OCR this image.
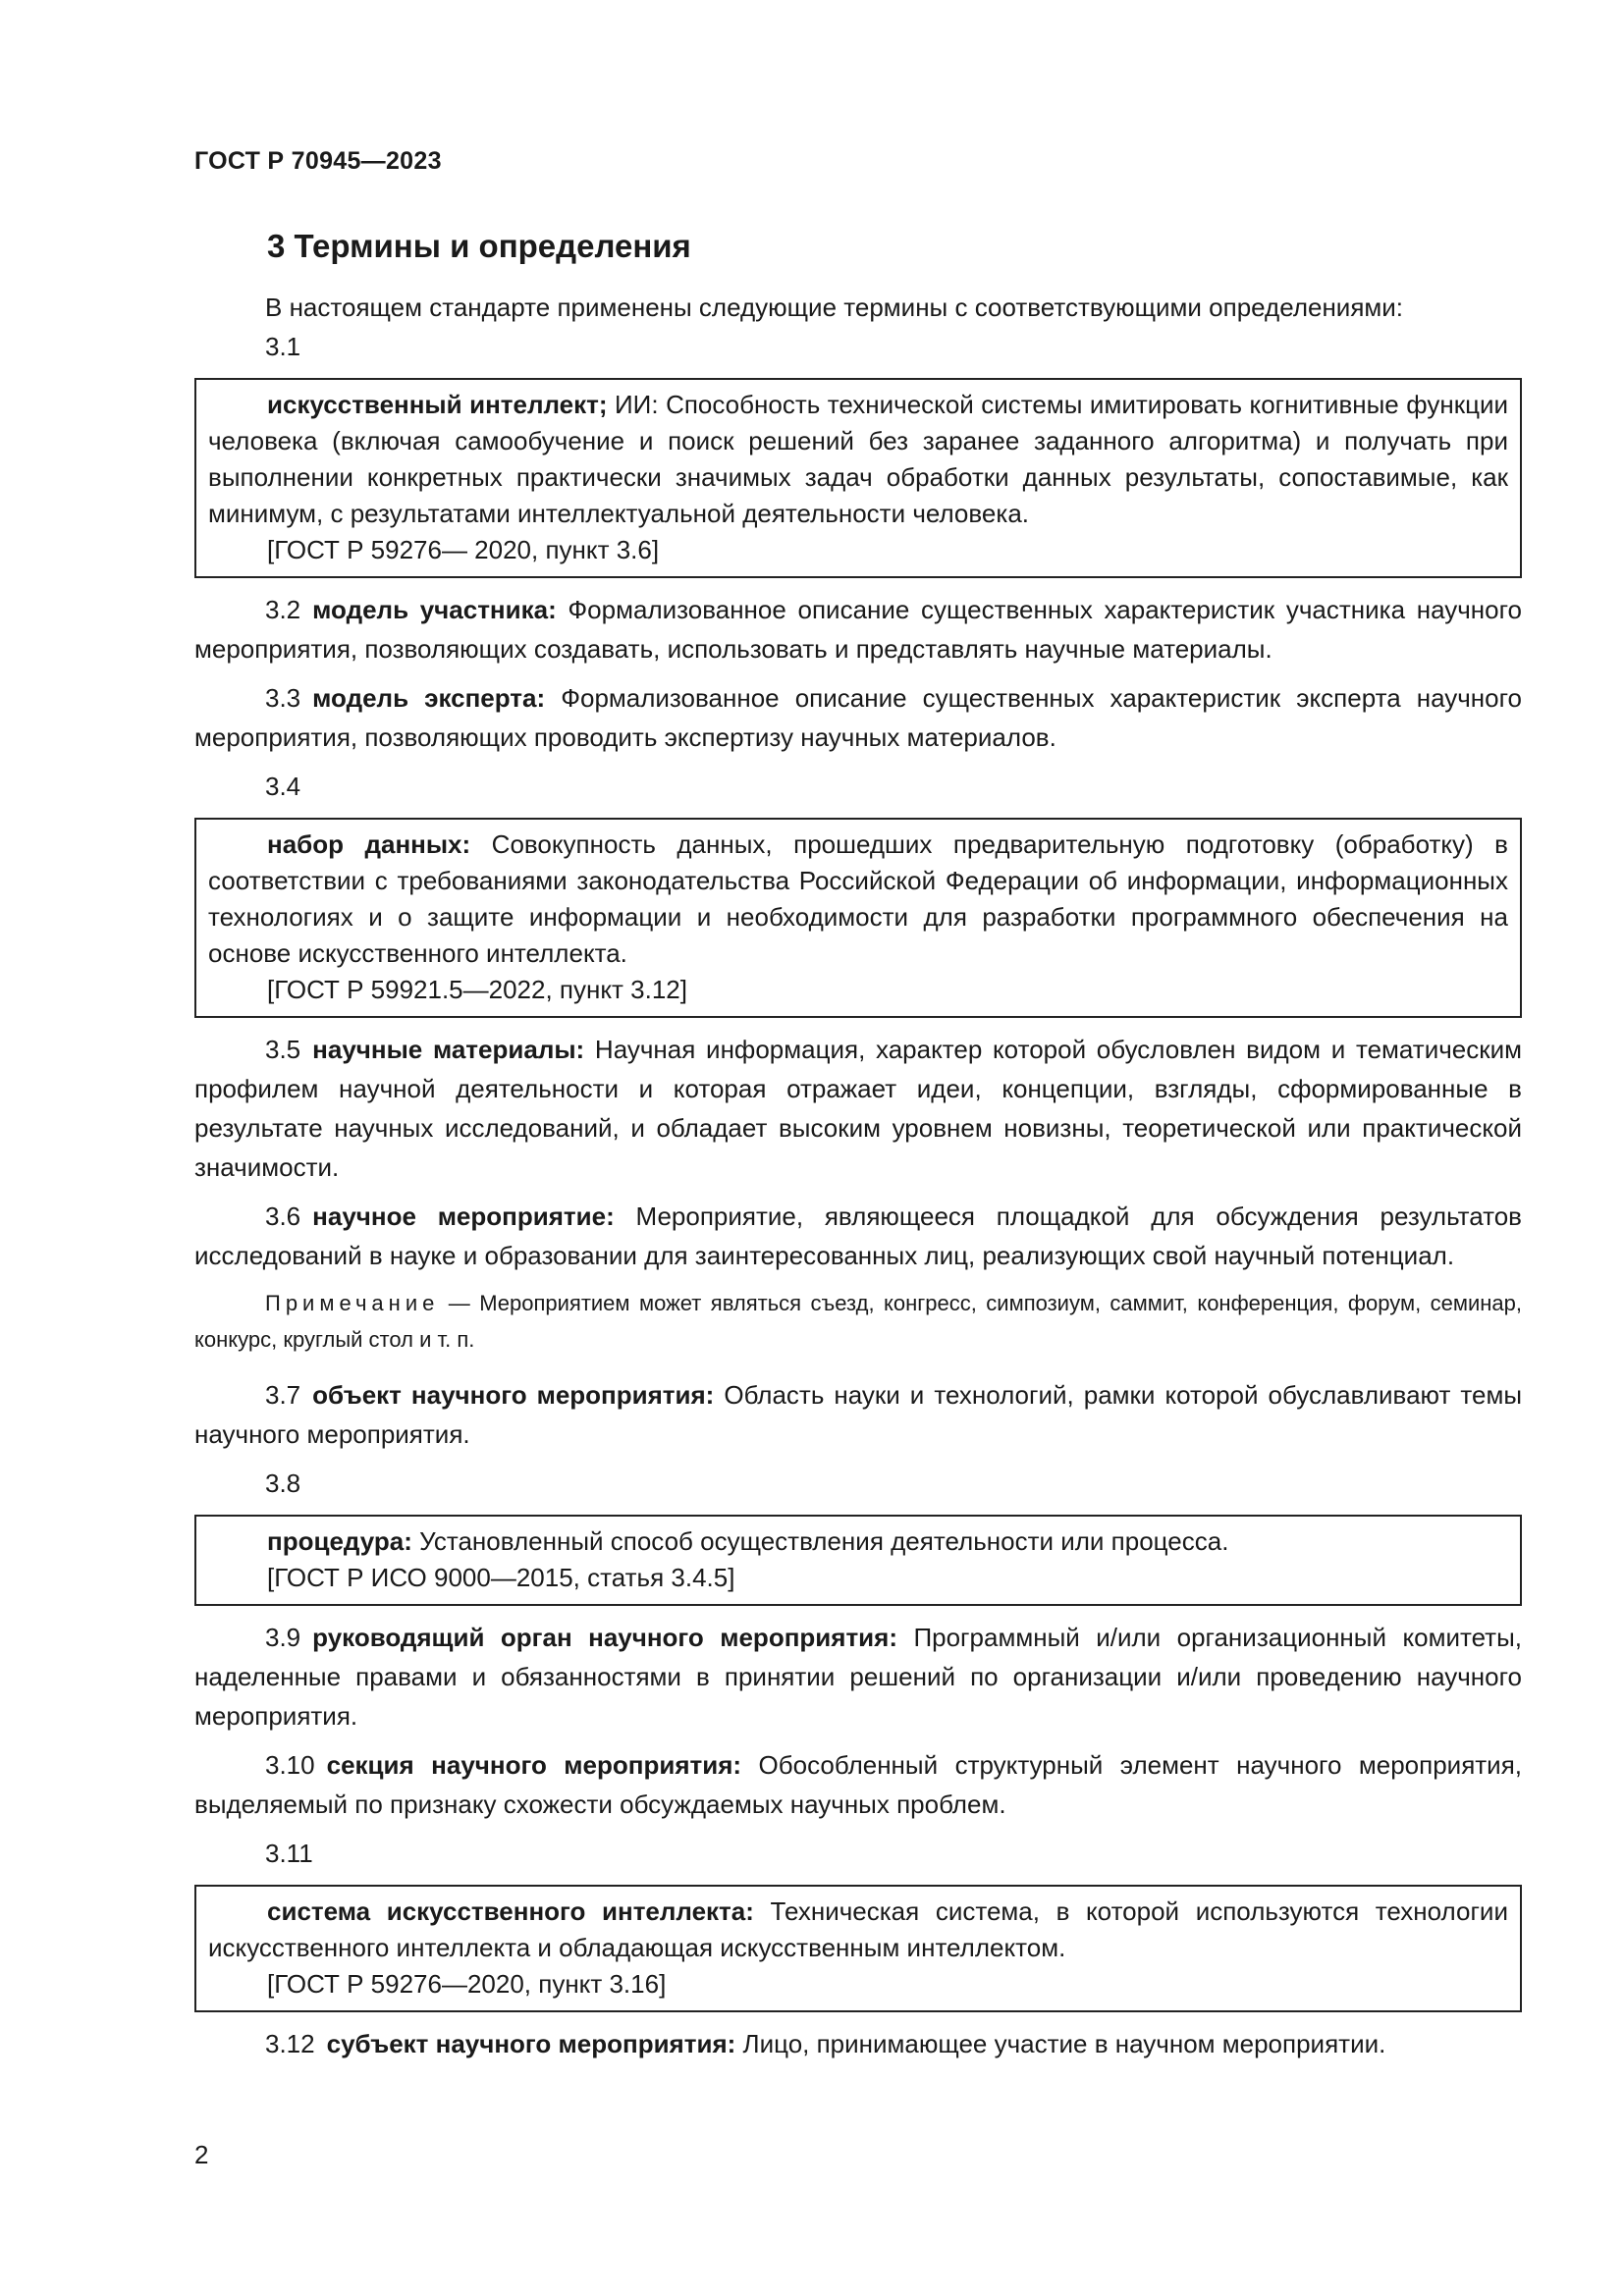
ГОСТ Р 70945—2023
3 Термины и определения

В настоящем стандарте применены следующие термины с соответствующими определениями:

3.1

искусственный интеллект; ИИ: Способность технической системы имитировать когнитивные функции человека (включая самообучение и поиск решений без заранее заданного алгоритма) и получать при выполнении конкретных практически значимых задач обработки данных результаты, сопоставимые, как минимум, с результатами интеллектуальной деятельности человека.

[ГОСТ Р 59276— 2020, пункт 3.6]

3.2 модель участника: Формализованное описание существенных характеристик участника научного мероприятия, позволяющих создавать, использовать и представлять научные материалы.

3.3 модель эксперта: Формализованное описание существенных характеристик эксперта научного мероприятия, позволяющих проводить экспертизу научных материалов.

3.4

набор данных: Совокупность данных, прошедших предварительную подготовку (обработку) в соответствии с требованиями законодательства Российской Федерации об информации, информационных технологиях и о защите информации и необходимости для разработки программного обеспечения на основе искусственного интеллекта.

[ГОСТ Р 59921.5—2022, пункт 3.12]

3.5 научные материалы: Научная информация, характер которой обусловлен видом и тематическим профилем научной деятельности и которая отражает идеи, концепции, взгляды, сформированные в результате научных исследований, и обладает высоким уровнем новизны, теоретической или практической значимости.

3.6 научное мероприятие: Мероприятие, являющееся площадкой для обсуждения результатов исследований в науке и образовании для заинтересованных лиц, реализующих свой научный потенциал.

Примечание — Мероприятием может являться съезд, конгресс, симпозиум, саммит, конференция, форум, семинар, конкурс, круглый стол и т. п.

3.7 объект научного мероприятия: Область науки и технологий, рамки которой обуславливают темы научного мероприятия.

3.8

процедура: Установленный способ осуществления деятельности или процесса.

[ГОСТ Р ИСО 9000—2015, статья 3.4.5]

3.9 руководящий орган научного мероприятия: Программный и/или организационный комитеты, наделенные правами и обязанностями в принятии решений по организации и/или проведению научного мероприятия.

3.10 секция научного мероприятия: Обособленный структурный элемент научного мероприятия, выделяемый по признаку схожести обсуждаемых научных проблем.

3.11

система искусственного интеллекта: Техническая система, в которой используются технологии искусственного интеллекта и обладающая искусственным интеллектом.

[ГОСТ Р 59276—2020, пункт 3.16]

3.12 субъект научного мероприятия: Лицо, принимающее участие в научном мероприятии.

2
